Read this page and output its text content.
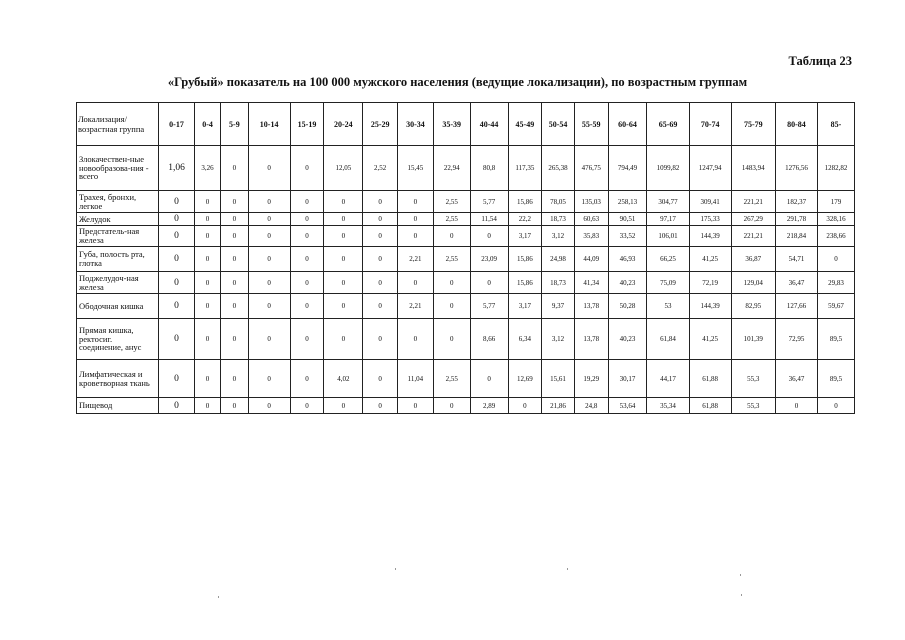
Таблица 23
«Грубый» показатель на 100 000 мужского населения (ведущие локализации), по возрастным группам
Локализация/ возрастная группа	0-17	0-4	5-9	10-14	15-19	20-24	25-29	30-34	35-39	40-44	45-49	50-54	55-59	60-64	65-69	70-74	75-79	80-84	85-
Злокачествен-ные новообразова-ния - всего	1,06	3,26	0	0	0	12,05	2,52	15,45	22,94	80,8	117,35	265,38	476,75	794,49	1099,82	1247,94	1483,94	1276,56	1282,82
Трахея, бронхи, легкое	0	0	0	0	0	0	0	0	2,55	5,77	15,86	78,05	135,03	258,13	304,77	309,41	221,21	182,37	179
Желудок	0	0	0	0	0	0	0	0	2,55	11,54	22,2	18,73	60,63	90,51	97,17	175,33	267,29	291,78	328,16
Предстатель-ная железа	0	0	0	0	0	0	0	0	0	0	3,17	3,12	35,83	33,52	106,01	144,39	221,21	218,84	238,66
Губа, полость рта, глотка	0	0	0	0	0	0	0	2,21	2,55	23,09	15,86	24,98	44,09	46,93	66,25	41,25	36,87	54,71	0
Поджелудоч-ная железа	0	0	0	0	0	0	0	0	0	0	15,86	18,73	41,34	40,23	75,09	72,19	129,04	36,47	29,83
Ободочная кишка	0	0	0	0	0	0	0	2,21	0	5,77	3,17	9,37	13,78	50,28	53	144,39	82,95	127,66	59,67
Прямая кишка, ректосиг. соединение, анус	0	0	0	0	0	0	0	0	0	8,66	6,34	3,12	13,78	40,23	61,84	41,25	101,39	72,95	89,5
Лимфатическая и кроветворная ткань	0	0	0	0	0	4,02	0	11,04	2,55	0	12,69	15,61	19,29	30,17	44,17	61,88	55,3	36,47	89,5
Пищевод	0	0	0	0	0	0	0	0	0	2,89	0	21,86	24,8	53,64	35,34	61,88	55,3	0	0
